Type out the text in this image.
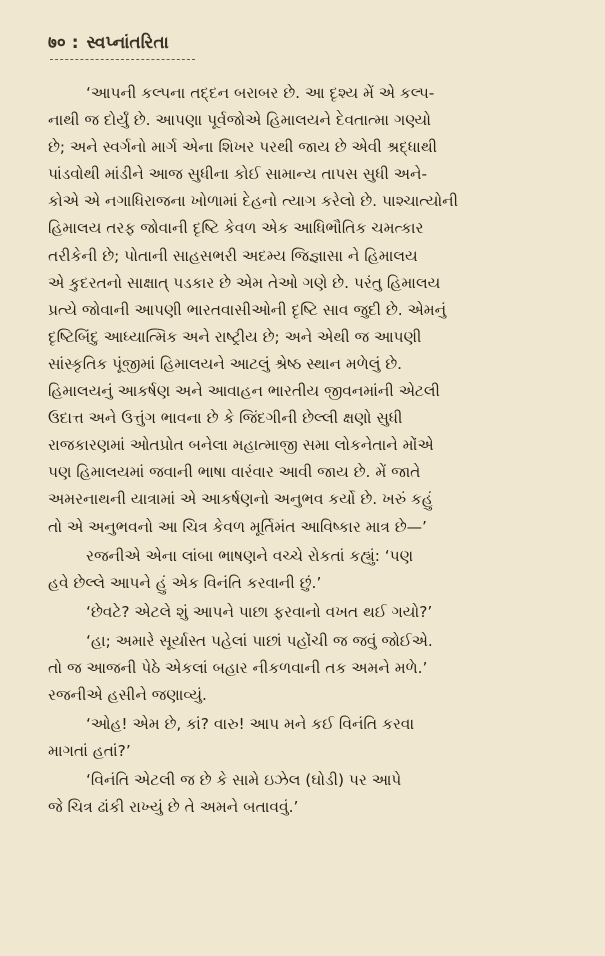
७० : સ્વપ્નાંતરિતા

‘આપની કલ્પના તદ્દન બરાબર છે. આ દૃશ્ય મેં એ કલ્પ-
નાથી જ દોર્યું છે. આપણા પૂર્વજોએ હિમાલયને દેવતાત્મા ગણ્યો
છે; અને સ્વર્ગનો માર્ગ એના શિખર પરથી જાય છે એવી શ્રદ્ધાથી
પાંડવોથી માંડીને આજ સુધીના કોઈ સામાન્ય તાપસ સુધી અને-
કોએ એ નગાધિરાજના ખોળામાં દેહનો ત્યાગ કરેલો છે. પાશ્ચાત્યોની
હિમાલય તરફ જોવાની દૃષ્ટિ કેવળ એક આધિભૌતિક ચમત્કાર
તરીકેની છે; પોતાની સાહસભરી અદમ્ય જિજ્ઞાસા ને હિમાલય
એ કુદરતનો સાક્ષાત્ પડકાર છે એમ તેઓ ગણે છે. પરંતુ હિમાલય
પ્રત્યે જોવાની આપણી ભારતવાસીઓની દૃષ્ટિ સાવ જુદી છે. એમનું
દૃષ્ટિબિંદુ આધ્યાત્મિક અને રાષ્ટ્રીય છે; અને એથી જ આપણી
સાંસ્કૃતિક પૂંજીમાં હિમાલયને આટલું શ્રેષ્ઠ સ્થાન મળેલું છે.
હિમાલયનું આકર્ષણ અને આવાહન ભારતીય જીવનમાંની એટલી
ઉદાત્ત અને ઉત્તુંગ ભાવના છે કે જિંદગીની છેલ્લી ક્ષણો સુધી
રાજકારણમાં ઓતપ્રોત બનેલા મહાત્માજી સમા લોકનેતાને મોંએ
પણ હિમાલયમાં જવાની ભાષા વારંવાર આવી જાય છે. મેં જાતે
અમરનાથની યાત્રામાં એ આકર્ષણનો અનુભવ કર્યો છે. ખરું કહું
તો એ અનુભવનો આ ચિત્ર કેવળ મૂર્તિમંત આવિષ્કાર માત્ર છે—’

રજનીએ એના લાંબા ભાષણને વચ્ચે રોકતાં કહ્યું: ‘પણ
હવે છેલ્લે આપને હું એક વિનંતિ કરવાની છું.’

‘છેવટે? એટલે શું આપને પાછા ફરવાનો વખત થઈ ગયો?’

‘હા; અમારે સૂર્યાસ્ત પહેલાં પાછાં પહોંચી જ જવું જોઈએ.
તો જ આજની પેઠે એકલાં બહાર નીકળવાની તક અમને મળે.’
રજનીએ હસીને જણાવ્યું.

‘ઓહ! એમ છે, કાં? વારુ! આપ મને કઈ વિનંતિ કરવા
માગતાં હતાં?’

‘વિનંતિ એટલી જ છે કે સામે ઇઝેલ (ઘોડી) પર આપે
જે ચિત્ર ઢાંકી રાખ્યું છે તે અમને બતાવવું.’
